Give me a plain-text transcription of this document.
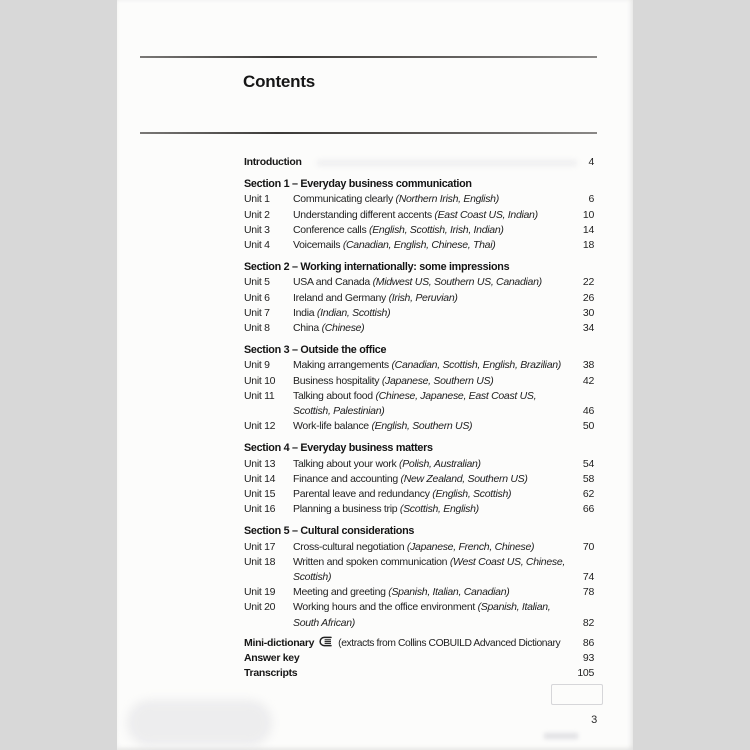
Contents
Introduction	4
Section 1 – Everyday business communication
Unit 1	Communicating clearly (Northern Irish, English)	6
Unit 2	Understanding different accents (East Coast US, Indian)	10
Unit 3	Conference calls (English, Scottish, Irish, Indian)	14
Unit 4	Voicemails (Canadian, English, Chinese, Thai)	18
Section 2 – Working internationally: some impressions
Unit 5	USA and Canada (Midwest US, Southern US, Canadian)	22
Unit 6	Ireland and Germany (Irish, Peruvian)	26
Unit 7	India (Indian, Scottish)	30
Unit 8	China (Chinese)	34
Section 3 – Outside the office
Unit 9	Making arrangements (Canadian, Scottish, English, Brazilian)	38
Unit 10	Business hospitality (Japanese, Southern US)	42
Unit 11	Talking about food (Chinese, Japanese, East Coast US,
Scottish, Palestinian)	46
Unit 12	Work-life balance (English, Southern US)	50
Section 4 – Everyday business matters
Unit 13	Talking about your work (Polish, Australian)	54
Unit 14	Finance and accounting (New Zealand, Southern US)	58
Unit 15	Parental leave and redundancy (English, Scottish)	62
Unit 16	Planning a business trip (Scottish, English)	66
Section 5 – Cultural considerations
Unit 17	Cross-cultural negotiation (Japanese, French, Chinese)	70
Unit 18	Written and spoken communication (West Coast US, Chinese,
Scottish)	74
Unit 19	Meeting and greeting (Spanish, Italian, Canadian)	78
Unit 20	Working hours and the office environment (Spanish, Italian,
South African)	82
Mini-dictionary (extracts from Collins COBUILD Advanced Dictionary 86
Answer key	93
Transcripts	105
3
